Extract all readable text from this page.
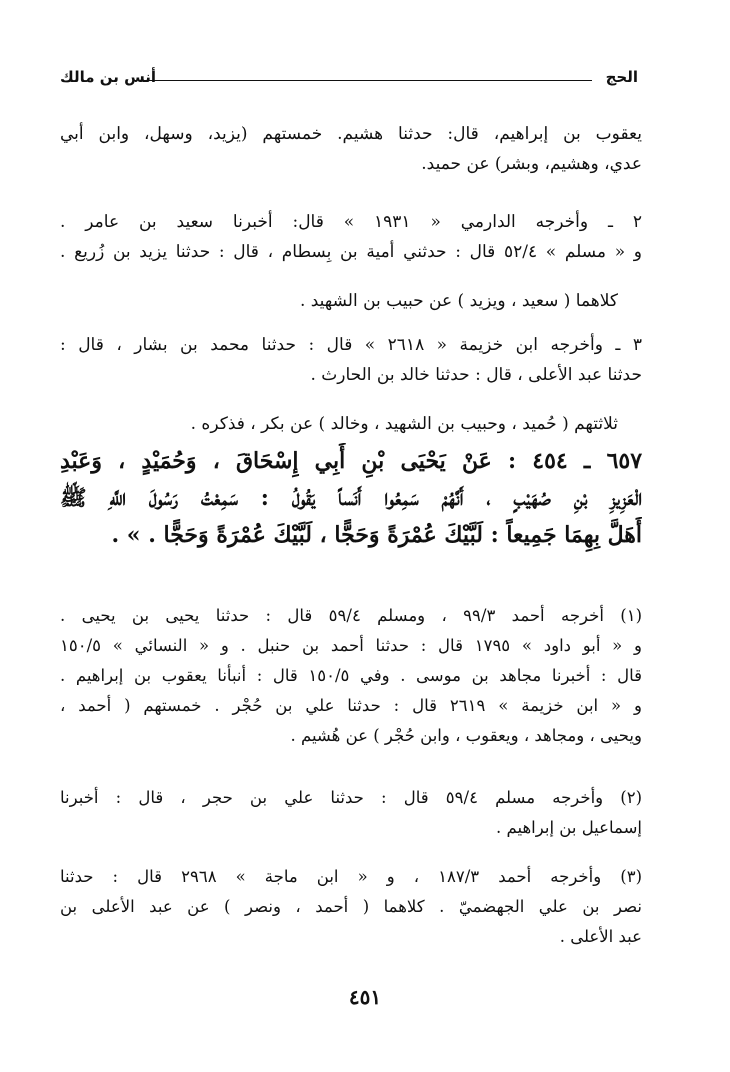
الحج
أنس بن مالك
يعقوب بن إبراهيم، قال: حدثنا هشيم. خمستهم (يزيد، وسهل، وابن أبي
عدي، وهشيم، وبشر) عن حميد.
٢ ـ وأخرجه الدارمي « ١٩٣١ » قال: أخبرنا سعيد بن عامر .
و « مسلم » ٥٢/٤ قال : حدثني أمية بن بِسطام ، قال : حدثنا يزيد بن زُريع .
كلاهما ( سعيد ، ويزيد ) عن حبيب بن الشهيد .
٣ ـ وأخرجه ابن خزيمة « ٢٦١٨ » قال : حدثنا محمد بن بشار ، قال :
حدثنا عبد الأعلى ، قال : حدثنا خالد بن الحارث .
ثلاثتهم ( حُميد ، وحبيب بن الشهيد ، وخالد ) عن بكر ، فذكره .
٦٥٧ ـ ٤٥٤ : عَنْ يَحْيَى بْنِ أَبِي إِسْحَاقَ ، وَحُمَيْدٍ ، وَعَبْدِ
الْعَزِيزِ بْنِ صُهَيْبٍ ، أَنَّهُمْ سَمِعُوا أَنَساً يَقُولُ : سَمِعْتُ رَسُولَ اللَّهِ ﷺ
أَهَلَّ بِهِمَا جَمِيعاً : لَبَّيْكَ عُمْرَةً وَحَجًّا ، لَبَّيْكَ عُمْرَةً وَحَجًّا . » .
(١) أخرجه أحمد ٩٩/٣ ، ومسلم ٥٩/٤ قال : حدثنا يحيى بن يحيى .
و « أبو داود » ١٧٩٥ قال : حدثنا أحمد بن حنبل . و « النسائي » ١٥٠/٥
قال : أخبرنا مجاهد بن موسى . وفي ١٥٠/٥ قال : أنبأنا يعقوب بن إبراهيم .
و « ابن خزيمة » ٢٦١٩ قال : حدثنا علي بن حُجْر . خمستهم ( أحمد ،
ويحيى ، ومجاهد ، ويعقوب ، وابن حُجْر ) عن هُشيم .
(٢) وأخرجه مسلم ٥٩/٤ قال : حدثنا علي بن حجر ، قال : أخبرنا
إسماعيل بن إبراهيم .
(٣) وأخرجه أحمد ١٨٧/٣ ، و « ابن ماجة » ٢٩٦٨ قال : حدثنا
نصر بن علي الجهضميّ . كلاهما ( أحمد ، ونصر ) عن عبد الأعلى بن
عبد الأعلى .
٤٥١
